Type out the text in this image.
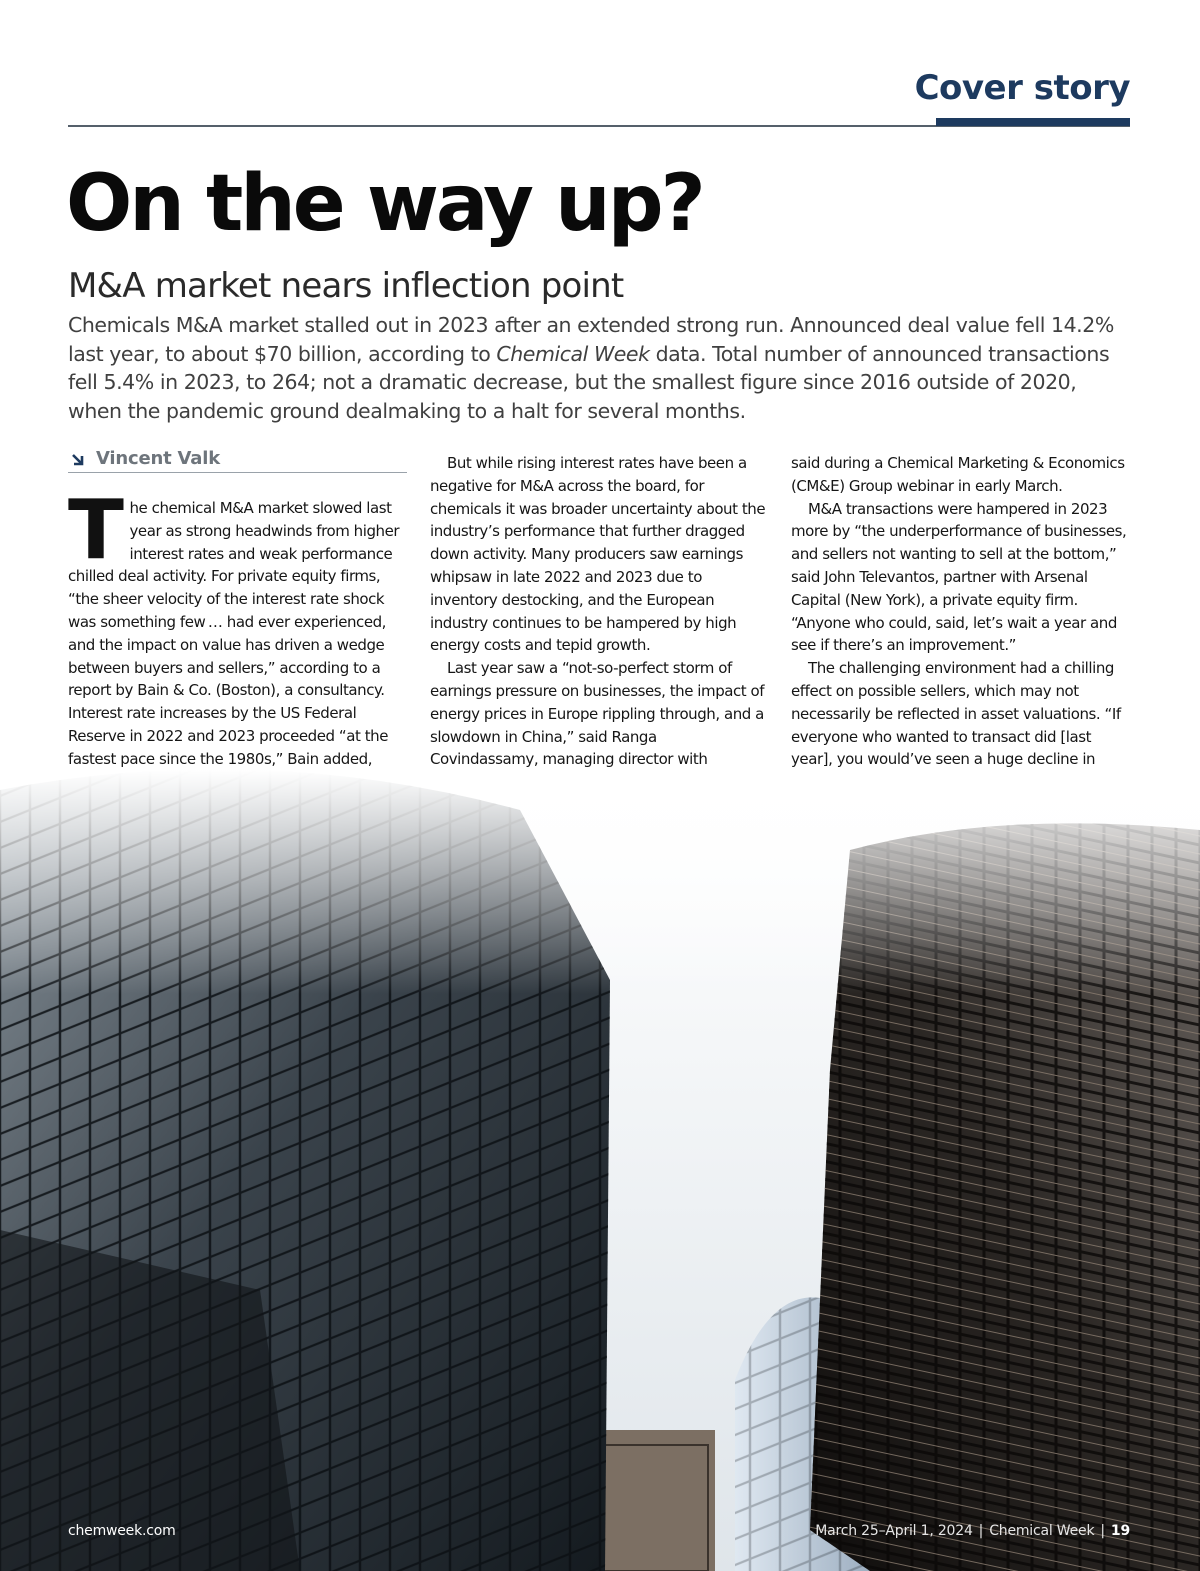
Cover story
On the way up?
M&A market nears inflection point

Chemicals M&A market stalled out in 2023 after an extended strong run. Announced deal value fell 14.2% last year, to about $70 billion, according to Chemical Week data. Total number of announced transactions fell 5.4% in 2023, to 264; not a dramatic decrease, but the smallest figure since 2016 outside of 2020, when the pandemic ground dealmaking to a halt for several months.

Vincent Valk

The chemical M&A market slowed last year as strong headwinds from higher interest rates and weak performance chilled deal activity. For private equity firms, “the sheer velocity of the interest rate shock was something few … had ever experienced, and the impact on value has driven a wedge between buyers and sellers,” according to a report by Bain & Co. (Boston), a consultancy. Interest rate increases by the US Federal Reserve in 2022 and 2023 proceeded “at the fastest pace since the 1980s,” Bain added,

But while rising interest rates have been a negative for M&A across the board, for chemicals it was broader uncertainty about the industry’s performance that further dragged down activity. Many producers saw earnings whipsaw in late 2022 and 2023 due to inventory destocking, and the European industry continues to be hampered by high energy costs and tepid growth.

Last year saw a “not-so-perfect storm of earnings pressure on businesses, the impact of energy prices in Europe rippling through, and a slowdown in China,” said Ranga Covindassamy, managing director with

said during a Chemical Marketing & Economics (CM&E) Group webinar in early March.

M&A transactions were hampered in 2023 more by “the underperformance of businesses, and sellers not wanting to sell at the bottom,” said John Televantos, partner with Arsenal Capital (New York), a private equity firm. “Anyone who could, said, let’s wait a year and see if there’s an improvement.”

The challenging environment had a chilling effect on possible sellers, which may not necessarily be reflected in asset valuations. “If everyone who wanted to transact did [last year], you would’ve seen a huge decline in

chemweek.com	March 25–April 1, 2024 | Chemical Week | 19
